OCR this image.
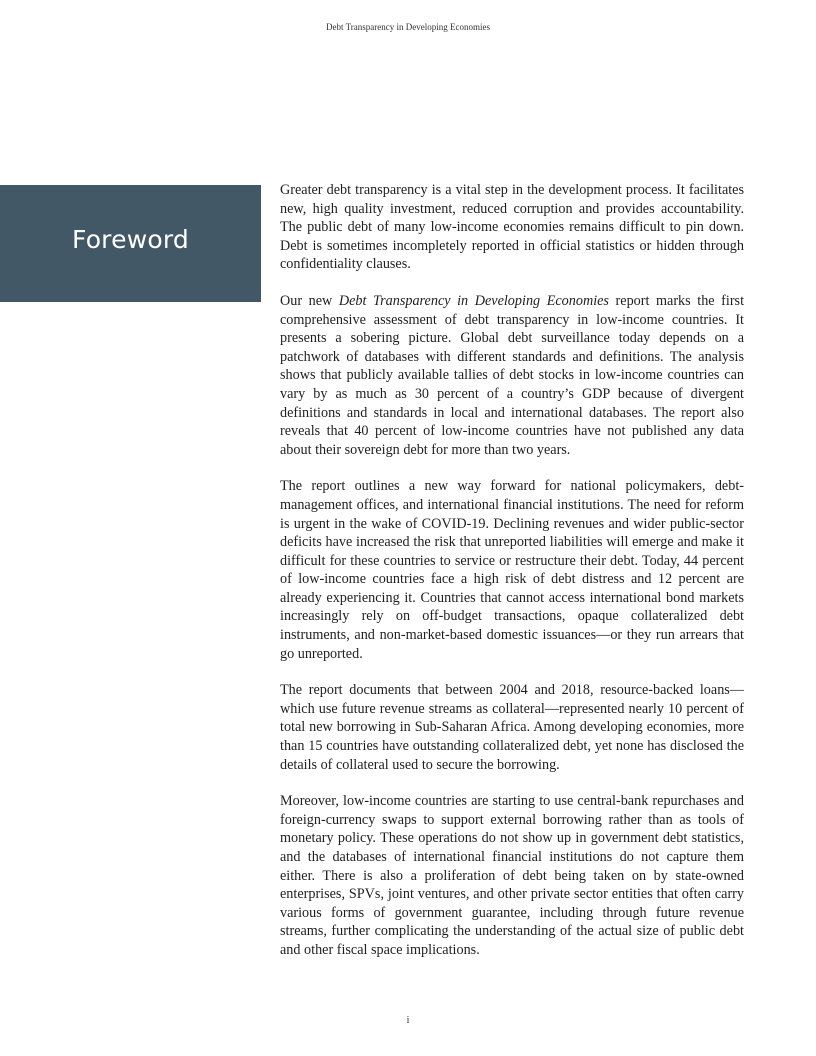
Debt Transparency in Developing Economies
Foreword

Greater debt transparency is a vital step in the development process. It facilitates new, high quality investment, reduced corruption and provides accountability. The public debt of many low-income economies remains difficult to pin down. Debt is sometimes incompletely reported in official statistics or hidden through confidentiality clauses.

Our new Debt Transparency in Developing Economies report marks the first comprehensive assessment of debt transparency in low-income countries. It presents a sobering picture. Global debt surveillance today depends on a patchwork of databases with different standards and definitions. The analysis shows that publicly available tallies of debt stocks in low-income countries can vary by as much as 30 percent of a country’s GDP because of divergent definitions and standards in local and international databases. The report also reveals that 40 percent of low-income countries have not published any data about their sovereign debt for more than two years.

The report outlines a new way forward for national policymakers, debt-management offices, and international financial institutions. The need for reform is urgent in the wake of COVID-19. Declining revenues and wider public-sector deficits have increased the risk that unreported liabilities will emerge and make it difficult for these countries to service or restructure their debt. Today, 44 percent of low-income countries face a high risk of debt distress and 12 percent are already experiencing it. Countries that cannot access international bond markets increasingly rely on off-budget transactions, opaque collateralized debt instruments, and non-market-based domestic issuances—or they run arrears that go unreported.

The report documents that between 2004 and 2018, resource-backed loans—which use future revenue streams as collateral—represented nearly 10 percent of total new borrowing in Sub-Saharan Africa. Among developing economies, more than 15 countries have outstanding collateralized debt, yet none has disclosed the details of collateral used to secure the borrowing.

Moreover, low-income countries are starting to use central-bank repurchases and foreign-currency swaps to support external borrowing rather than as tools of monetary policy. These operations do not show up in government debt statistics, and the databases of international financial institutions do not capture them either. There is also a proliferation of debt being taken on by state-owned enterprises, SPVs, joint ventures, and other private sector entities that often carry various forms of government guarantee, including through future revenue streams, further complicating the understanding of the actual size of public debt and other fiscal space implications.

i
